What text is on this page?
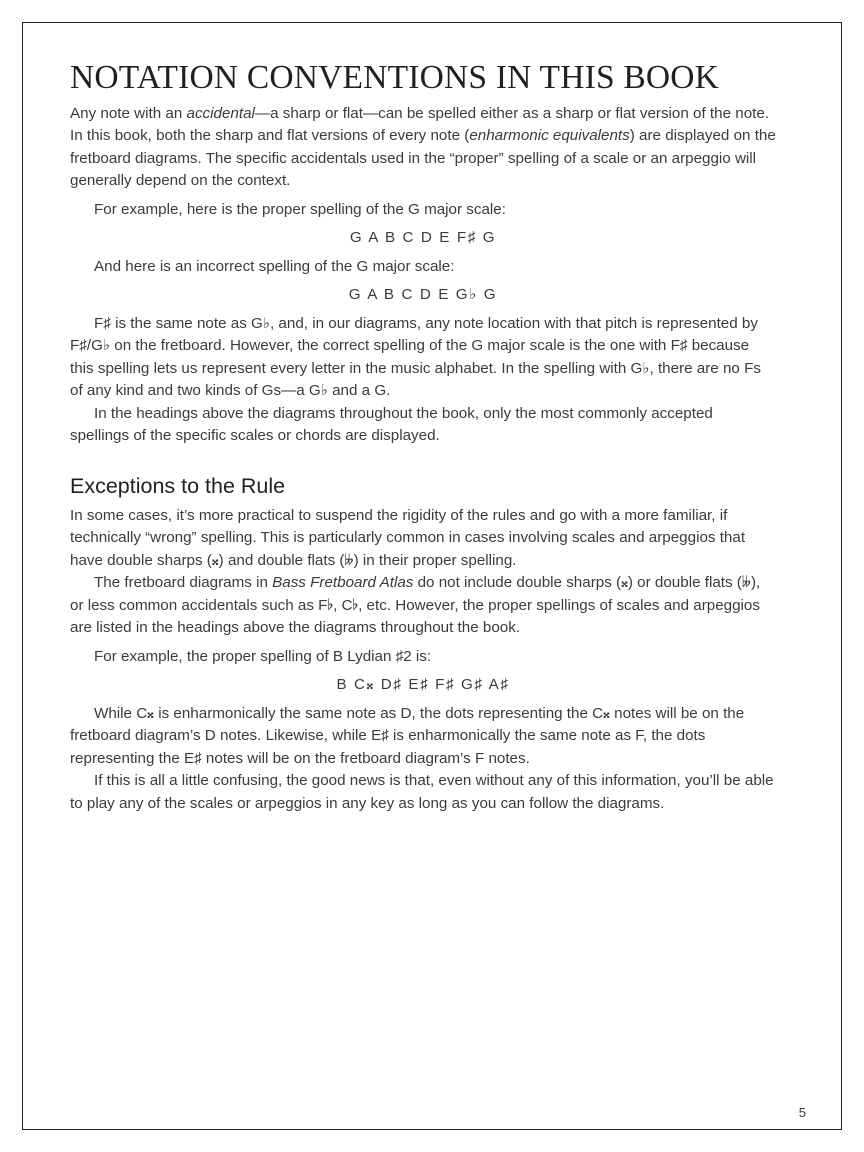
NOTATION CONVENTIONS IN THIS BOOK

Any note with an accidental—a sharp or flat—can be spelled either as a sharp or flat version of the note. In this book, both the sharp and flat versions of every note (enharmonic equivalents) are displayed on the fretboard diagrams. The specific accidentals used in the “proper” spelling of a scale or an arpeggio will generally depend on the context.

For example, here is the proper spelling of the G major scale:

G A B C D E F♯ G

And here is an incorrect spelling of the G major scale:

G A B C D E G♭ G

F♯ is the same note as G♭, and, in our diagrams, any note location with that pitch is represented by F♯/G♭ on the fretboard. However, the correct spelling of the G major scale is the one with F♯ because this spelling lets us represent every letter in the music alphabet. In the spelling with G♭, there are no Fs of any kind and two kinds of Gs—a G♭ and a G.

In the headings above the diagrams throughout the book, only the most commonly accepted spellings of the specific scales or chords are displayed.

Exceptions to the Rule

In some cases, it’s more practical to suspend the rigidity of the rules and go with a more familiar, if technically “wrong” spelling. This is particularly common in cases involving scales and arpeggios that have double sharps (𝄪) and double flats (𝄫) in their proper spelling.

The fretboard diagrams in Bass Fretboard Atlas do not include double sharps (𝄪) or double flats (𝄫), or less common accidentals such as F♭, C♭, etc. However, the proper spellings of scales and arpeggios are listed in the headings above the diagrams throughout the book.

For example, the proper spelling of B Lydian ♯2 is:

B C𝄪 D♯ E♯ F♯ G♯ A♯

While C𝄪 is enharmonically the same note as D, the dots representing the C𝄪 notes will be on the fretboard diagram’s D notes. Likewise, while E♯ is enharmonically the same note as F, the dots representing the E♯ notes will be on the fretboard diagram’s F notes.

If this is all a little confusing, the good news is that, even without any of this information, you’ll be able to play any of the scales or arpeggios in any key as long as you can follow the diagrams.

5
